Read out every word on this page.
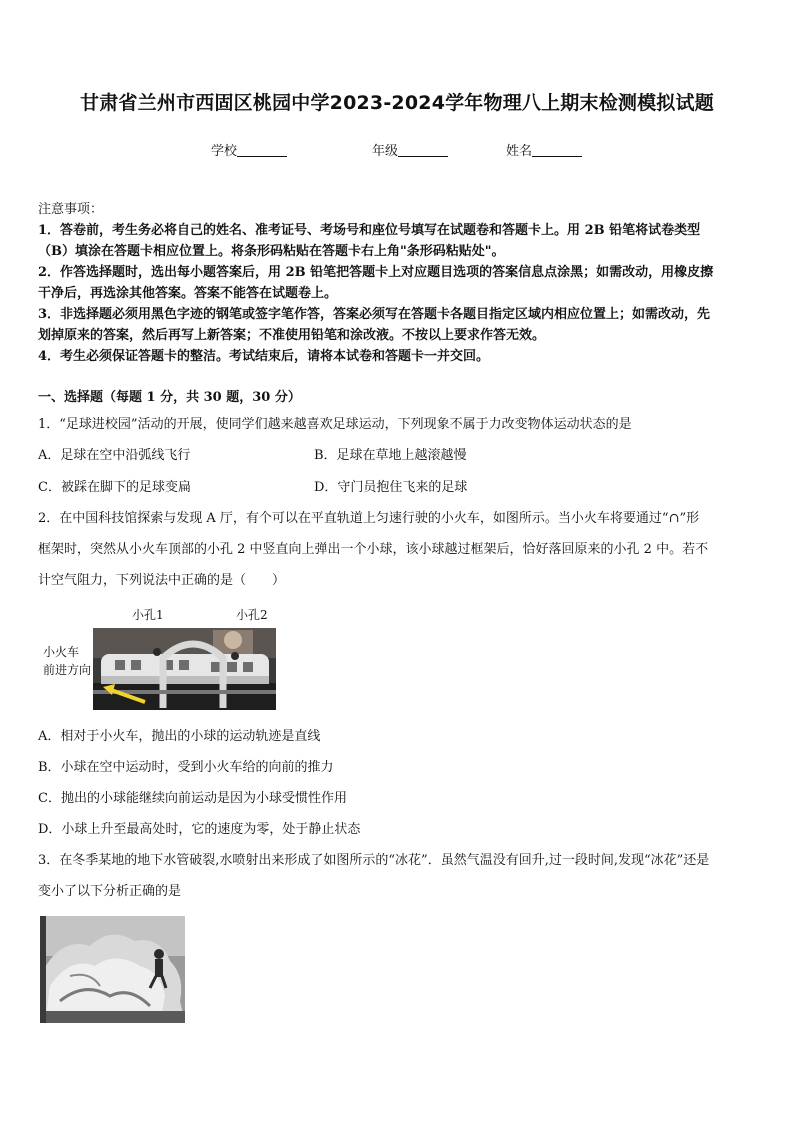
甘肃省兰州市西固区桃园中学2023-2024学年物理八上期末检测模拟试题
学校	年级	姓名
注意事项：
1．答卷前，考生务必将自己的姓名、准考证号、考场号和座位号填写在试题卷和答题卡上。用 2B 铅笔将试卷类型
（B）填涂在答题卡相应位置上。将条形码粘贴在答题卡右上角"条形码粘贴处"。
2．作答选择题时，选出每小题答案后，用 2B 铅笔把答题卡上对应题目选项的答案信息点涂黑；如需改动，用橡皮擦
干净后，再选涂其他答案。答案不能答在试题卷上。
3．非选择题必须用黑色字迹的钢笔或签字笔作答，答案必须写在答题卡各题目指定区域内相应位置上；如需改动，先
划掉原来的答案，然后再写上新答案；不准使用铅笔和涂改液。不按以上要求作答无效。
4．考生必须保证答题卡的整洁。考试结束后，请将本试卷和答题卡一并交回。
一、选择题（每题 1 分，共 30 题，30 分）
1．“足球进校园”活动的开展，使同学们越来越喜欢足球运动，下列现象不属于力改变物体运动状态的是
A．足球在空中沿弧线飞行	B．足球在草地上越滚越慢
C．被踩在脚下的足球变扁	D．守门员抱住飞来的足球
2．在中国科技馆探索与发现 A 厅，有个可以在平直轨道上匀速行驶的小火车，如图所示。当小火车将要通过“∩”形
框架时，突然从小火车顶部的小孔 2 中竖直向上弹出一个小球，该小球越过框架后，恰好落回原来的小孔 2 中。若不
计空气阻力，下列说法中正确的是（　　）
小孔1	小孔2
小火车
前进方向
A．相对于小火车，抛出的小球的运动轨迹是直线
B．小球在空中运动时，受到小火车给的向前的推力
C．抛出的小球能继续向前运动是因为小球受惯性作用
D．小球上升至最高处时，它的速度为零，处于静止状态
3．在冬季某地的地下水管破裂,水喷射出来形成了如图所示的“冰花”．虽然气温没有回升,过一段时间,发现“冰花”还是
变小了以下分析正确的是
